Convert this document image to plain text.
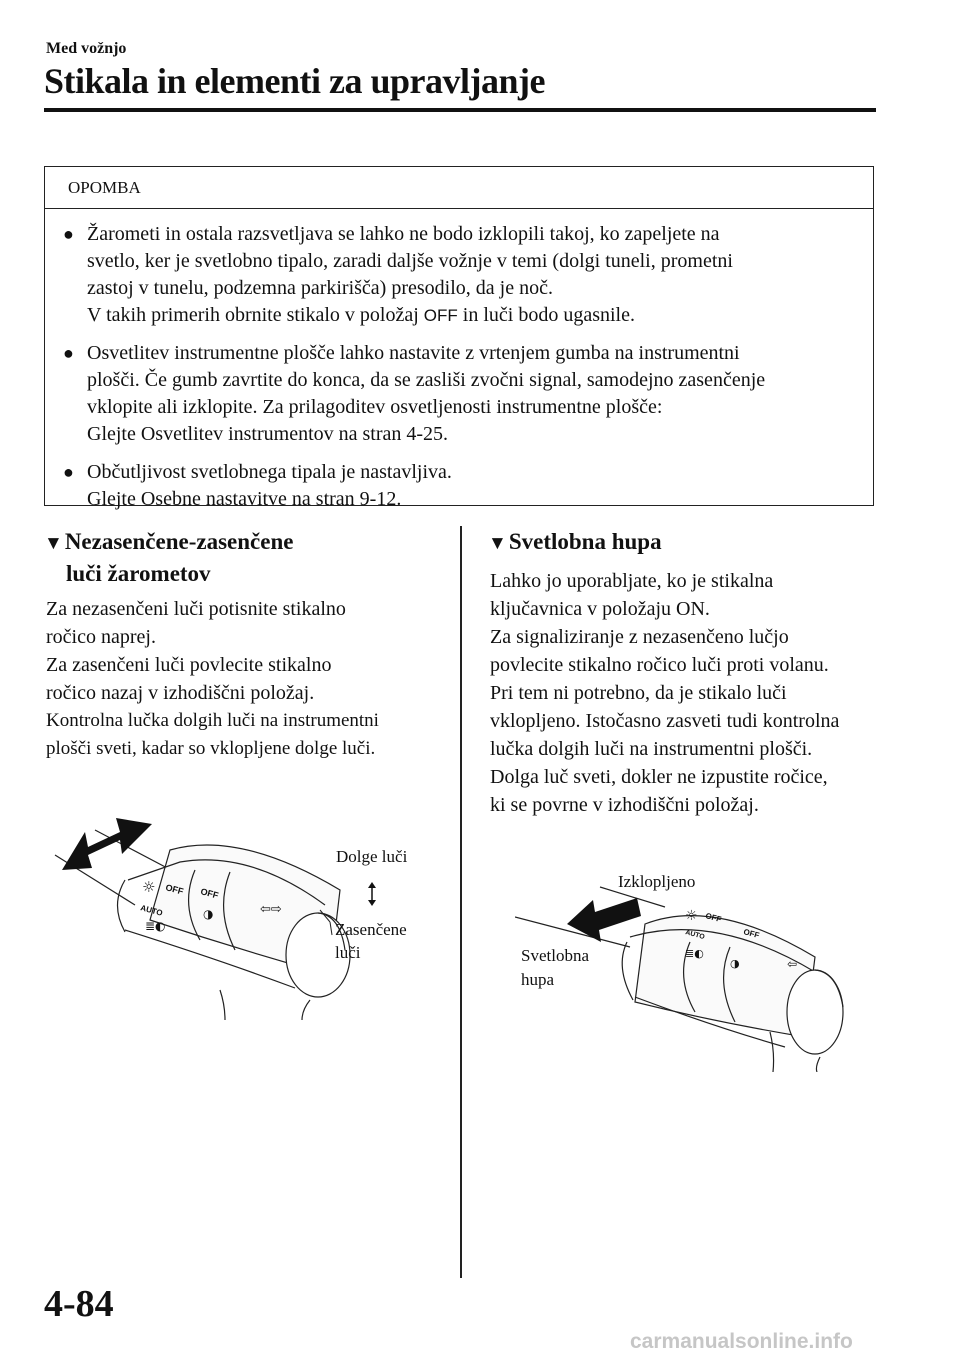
Med vožnjo
Stikala in elementi za upravljanje
OPOMBA
● Žarometi in ostala razsvetljava se lahko ne bodo izklopili takoj, ko zapeljete na

svetlo, ker je svetlobno tipalo, zaradi daljše vožnje v temi (dolgi tuneli, prometni

zastoj v tunelu, podzemna parkirišča) presodilo, da je noč.

V takih primerih obrnite stikalo v položaj OFF in luči bodo ugasnile.

● Osvetlitev instrumentne plošče lahko nastavite z vrtenjem gumba na instrumentni

plošči. Če gumb zavrtite do konca, da se zasliši zvočni signal, samodejno zasenčenje

vklopite ali izklopite. Za prilagoditev osvetljenosti instrumentne plošče:

Glejte Osvetlitev instrumentov na stran 4-25.

● Občutljivost svetlobnega tipala je nastavljiva.

Glejte Osebne nastavitve na stran 9-12.

▼Nezasenčene-zasenčene
luči žarometov

Za nezasenčeni luči potisnite stikalno

ročico naprej.

Za zasenčeni luči povlecite stikalno

ročico nazaj v izhodiščni položaj.

Kontrolna lučka dolgih luči na instrumentni

plošči sveti, kadar so vklopljene dolge luči.

▼Svetlobna hupa

Lahko jo uporabljate, ko je stikalna

ključavnica v položaju ON.

Za signaliziranje z nezasenčeno lučjo

povlecite stikalno ročico luči proti volanu.

Pri tem ni potrebno, da je stikalo luči

vklopljeno. Istočasno zasveti tudi kontrolna

lučka dolgih luči na instrumentni plošči.

Dolga luč sveti, dokler ne izpustite ročice,

ki se povrne v izhodiščni položaj.

☼ OFF
AUTO
OFF
≣◐
◑	⇦⇨
Dolge luči
Zasenčene
luči
☼ OFF
AUTO	OFF
≣◐
◑	⇦
Izklopljeno
Svetlobna
hupa
4-84
carmanualsonline.info
